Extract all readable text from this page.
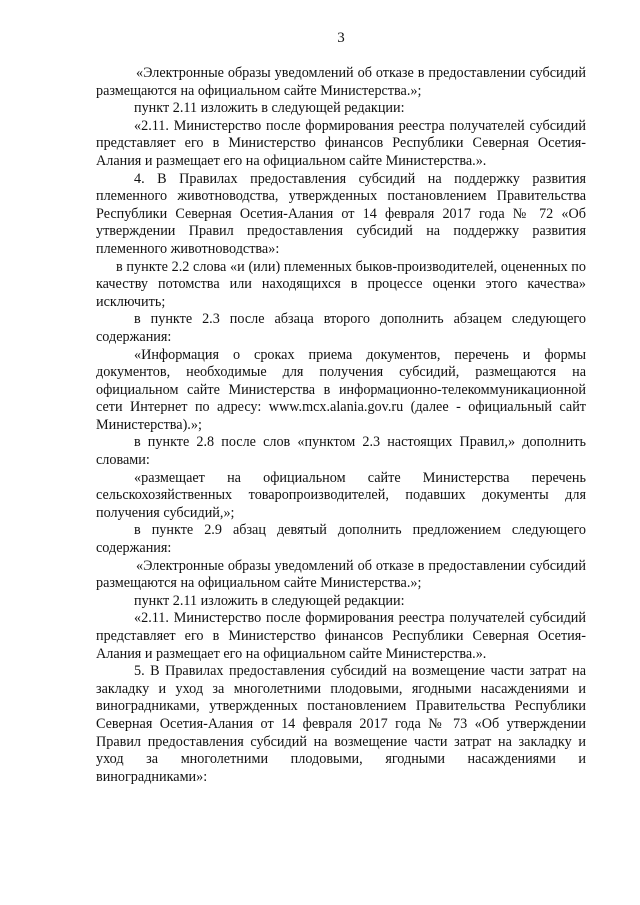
3

«Электронные образы уведомлений об отказе в предоставлении субсидий размещаются на официальном сайте Министерства.»;

пункт 2.11 изложить в следующей редакции:

«2.11. Министерство после формирования реестра получателей субсидий представляет его в Министерство финансов Республики Северная Осетия-Алания и размещает его на официальном сайте Министерства.».

4. В Правилах предоставления субсидий на поддержку развития племенного животноводства, утвержденных постановлением Правительства Республики Северная Осетия-Алания от 14 февраля 2017 года № 72 «Об утверждении Правил предоставления субсидий на поддержку развития племенного животноводства»:

в пункте 2.2 слова «и (или) племенных быков-производителей, оцененных по качеству потомства или находящихся в процессе оценки этого качества» исключить;

в пункте 2.3 после абзаца второго дополнить абзацем следующего содержания:

«Информация о сроках приема документов, перечень и формы документов, необходимые для получения субсидий, размещаются на официальном сайте Министерства в информационно-телекоммуникационной сети Интернет по адресу: www.mcx.alania.gov.ru (далее - официальный сайт Министерства).»;

в пункте 2.8 после слов «пунктом 2.3 настоящих Правил,» дополнить словами:

«размещает на официальном сайте Министерства перечень сельскохозяйственных товаропроизводителей, подавших документы для получения субсидий,»;

в пункте 2.9 абзац девятый дополнить предложением следующего содержания:

«Электронные образы уведомлений об отказе в предоставлении субсидий размещаются на официальном сайте Министерства.»;

пункт 2.11 изложить в следующей редакции:

«2.11. Министерство после формирования реестра получателей субсидий представляет его в Министерство финансов Республики Северная Осетия-Алания и размещает его на официальном сайте Министерства.».

5. В Правилах предоставления субсидий на возмещение части затрат на закладку и уход за многолетними плодовыми, ягодными насаждениями и виноградниками, утвержденных постановлением Правительства Республики Северная Осетия-Алания от 14 февраля 2017 года № 73 «Об утверждении Правил предоставления субсидий на возмещение части затрат на закладку и уход за многолетними плодовыми, ягодными насаждениями и виноградниками»:
